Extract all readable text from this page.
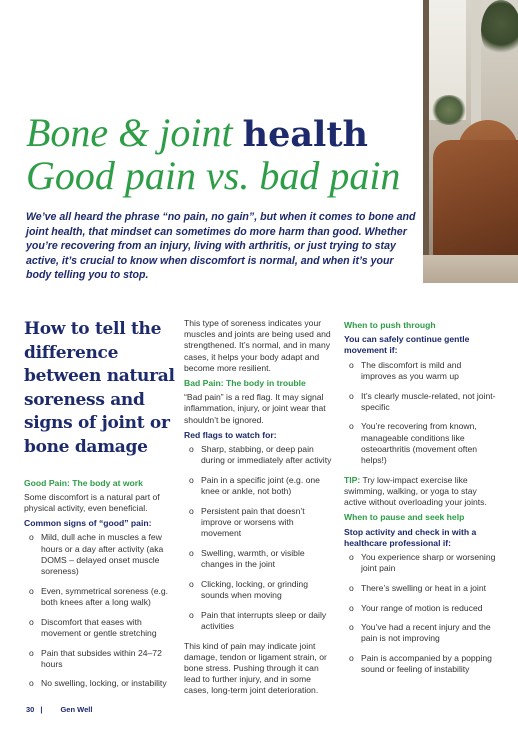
Bone & joint health
Good pain vs. bad pain
We’ve all heard the phrase “no pain, no gain”, but when it comes to bone and joint health, that mindset can sometimes do more harm than good. Whether you’re recovering from an injury, living with arthritis, or just trying to stay active, it’s crucial to know when discomfort is normal, and when it’s your body telling you to stop.
How to tell the difference between natural soreness and signs of joint or bone damage
Good Pain: The body at work

Some discomfort is a natural part of physical activity, even beneficial.

Common signs of “good” pain:
o Mild, dull ache in muscles a few hours or a day after activity (aka DOMS – delayed onset muscle soreness)
o Even, symmetrical soreness (e.g. both knees after a long walk)
o Discomfort that eases with movement or gentle stretching
o Pain that subsides within 24–72 hours
o No swelling, locking, or instability

This type of soreness indicates your muscles and joints are being used and strengthened. It’s normal, and in many cases, it helps your body adapt and become more resilient.

Bad Pain: The body in trouble

“Bad pain” is a red flag. It may signal inflammation, injury, or joint wear that shouldn’t be ignored.

Red flags to watch for:
o Sharp, stabbing, or deep pain during or immediately after activity
o Pain in a specific joint (e.g. one knee or ankle, not both)
o Persistent pain that doesn’t improve or worsens with movement
o Swelling, warmth, or visible changes in the joint
o Clicking, locking, or grinding sounds when moving
o Pain that interrupts sleep or daily activities

This kind of pain may indicate joint damage, tendon or ligament strain, or bone stress. Pushing through it can lead to further injury, and in some cases, long-term joint deterioration.

When to push through
You can safely continue gentle movement if:
o The discomfort is mild and improves as you warm up
o It’s clearly muscle-related, not joint-specific
o You’re recovering from known, manageable conditions like osteoarthritis (movement often helps!)

TIP: Try low-impact exercise like swimming, walking, or yoga to stay active without overloading your joints.

When to pause and seek help
Stop activity and check in with a healthcare professional if:
o You experience sharp or worsening joint pain
o There’s swelling or heat in a joint
o Your range of motion is reduced
o You’ve had a recent injury and the pain is not improving
o Pain is accompanied by a popping sound or feeling of instability
30 | Gen Well
